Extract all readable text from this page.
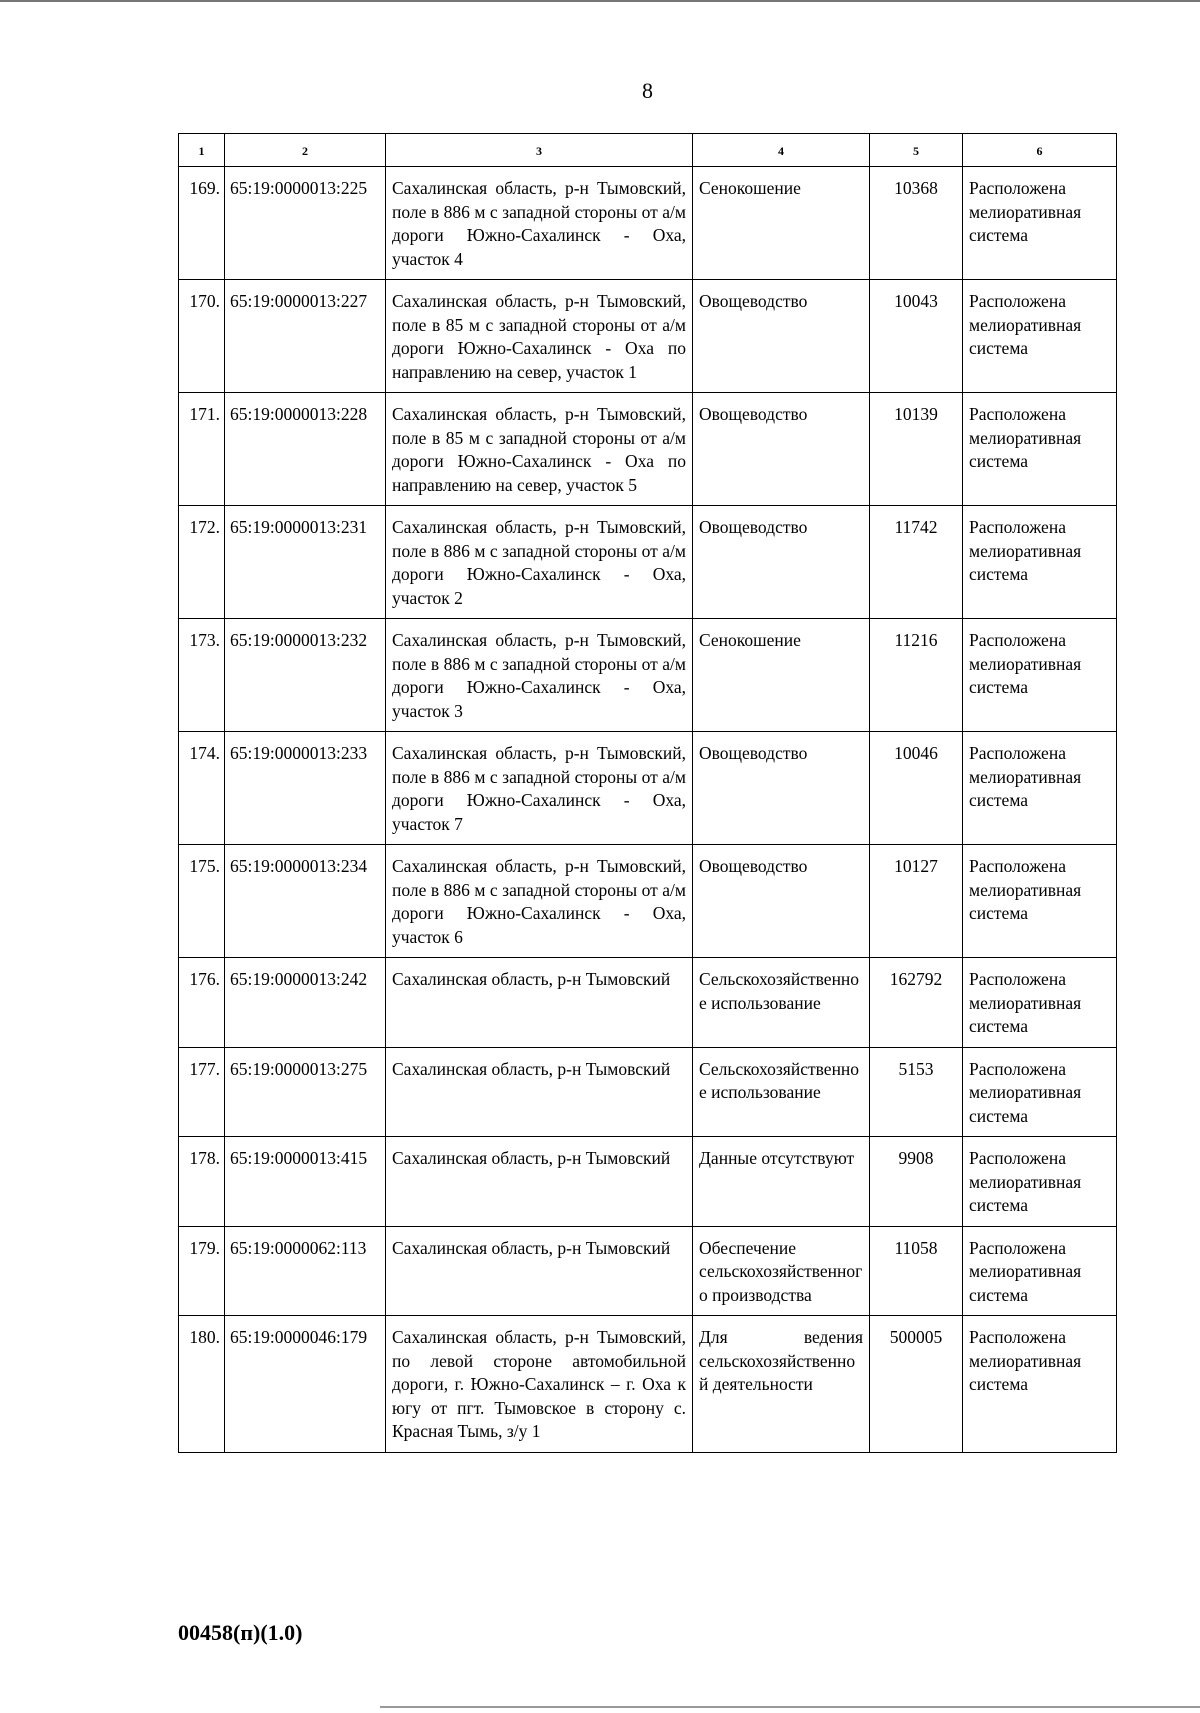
8
1	2	3	4	5	6
169.	65:19:0000013:225	Сахалинская область, р-н Тымовский, поле в 886 м с западной стороны от а/м дороги Южно-Сахалинск - Оха, участок 4	Сенокошение	10368	Расположена мелиоративная система
170.	65:19:0000013:227	Сахалинская область, р-н Тымовский, поле в 85 м с западной стороны от а/м дороги Южно-Сахалинск - Оха по направлению на север, участок 1	Овощеводство	10043	Расположена мелиоративная система
171.	65:19:0000013:228	Сахалинская область, р-н Тымовский, поле в 85 м с западной стороны от а/м дороги Южно-Сахалинск - Оха по направлению на север, участок 5	Овощеводство	10139	Расположена мелиоративная система
172.	65:19:0000013:231	Сахалинская область, р-н Тымовский, поле в 886 м с западной стороны от а/м дороги Южно-Сахалинск - Оха, участок 2	Овощеводство	11742	Расположена мелиоративная система
173.	65:19:0000013:232	Сахалинская область, р-н Тымовский, поле в 886 м с западной стороны от а/м дороги Южно-Сахалинск - Оха, участок 3	Сенокошение	11216	Расположена мелиоративная система
174.	65:19:0000013:233	Сахалинская область, р-н Тымовский, поле в 886 м с западной стороны от а/м дороги Южно-Сахалинск - Оха, участок 7	Овощеводство	10046	Расположена мелиоративная система
175.	65:19:0000013:234	Сахалинская область, р-н Тымовский, поле в 886 м с западной стороны от а/м дороги Южно-Сахалинск - Оха, участок 6	Овощеводство	10127	Расположена мелиоративная система
176.	65:19:0000013:242	Сахалинская область, р-н Тымовский	Сельскохозяйственное использование	162792	Расположена мелиоративная система
177.	65:19:0000013:275	Сахалинская область, р-н Тымовский	Сельскохозяйственное использование	5153	Расположена мелиоративная система
178.	65:19:0000013:415	Сахалинская область, р-н Тымовский	Данные отсутствуют	9908	Расположена мелиоративная система
179.	65:19:0000062:113	Сахалинская область, р-н Тымовский	Обеспечение сельскохозяйственного производства	11058	Расположена мелиоративная система
180.	65:19:0000046:179	Сахалинская область, р-н Тымовский, по левой стороне автомобильной дороги, г. Южно-Сахалинск – г. Оха к югу от пгт. Тымовское в сторону с. Красная Тымь, з/у 1	Для ведения сельскохозяйственной деятельности	500005	Расположена мелиоративная система
00458(п)(1.0)
